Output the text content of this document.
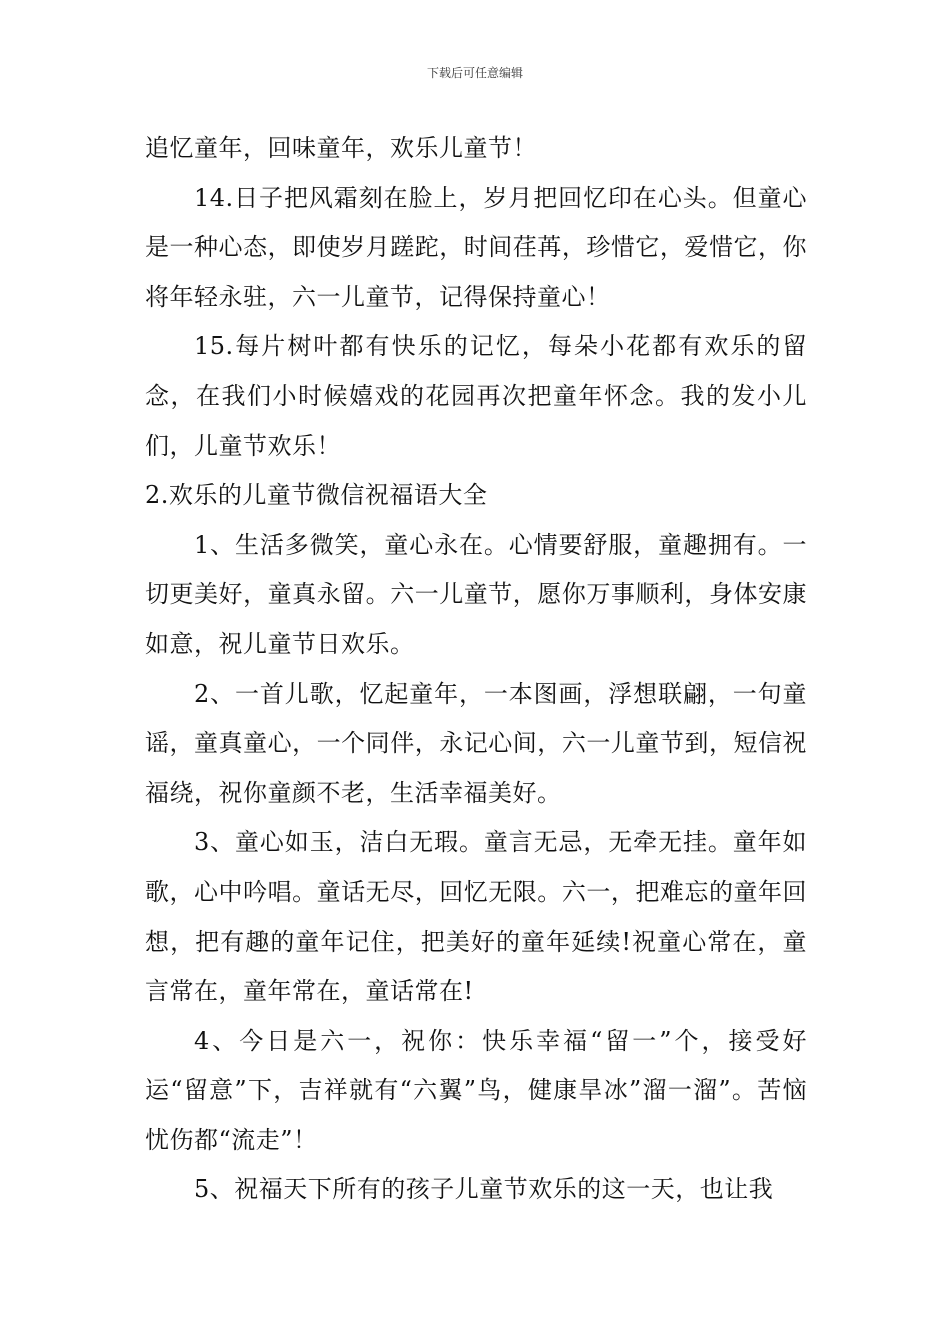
下载后可任意编辑

追忆童年，回味童年，欢乐儿童节！

14.日子把风霜刻在脸上，岁月把回忆印在心头。但童心是一种心态，即使岁月蹉跎，时间荏苒，珍惜它，爱惜它，你将年轻永驻，六一儿童节，记得保持童心！

15.每片树叶都有快乐的记忆，每朵小花都有欢乐的留念，在我们小时候嬉戏的花园再次把童年怀念。我的发小儿们，儿童节欢乐！

2.欢乐的儿童节微信祝福语大全

1、生活多微笑，童心永在。心情要舒服，童趣拥有。一切更美好，童真永留。六一儿童节，愿你万事顺利，身体安康如意，祝儿童节日欢乐。

2、一首儿歌，忆起童年，一本图画，浮想联翩，一句童谣，童真童心，一个同伴，永记心间，六一儿童节到，短信祝福绕，祝你童颜不老，生活幸福美好。

3、童心如玉，洁白无瑕。童言无忌，无牵无挂。童年如歌，心中吟唱。童话无尽，回忆无限。六一，把难忘的童年回想，把有趣的童年记住，把美好的童年延续!祝童心常在，童言常在，童年常在，童话常在!

4、今日是六一，祝你：快乐幸福“留一”个，接受好运“留意”下，吉祥就有“六翼”鸟，健康旱冰”溜一溜”。苦恼忧伤都“流走”！

5、祝福天下所有的孩子儿童节欢乐的这一天，也让我
